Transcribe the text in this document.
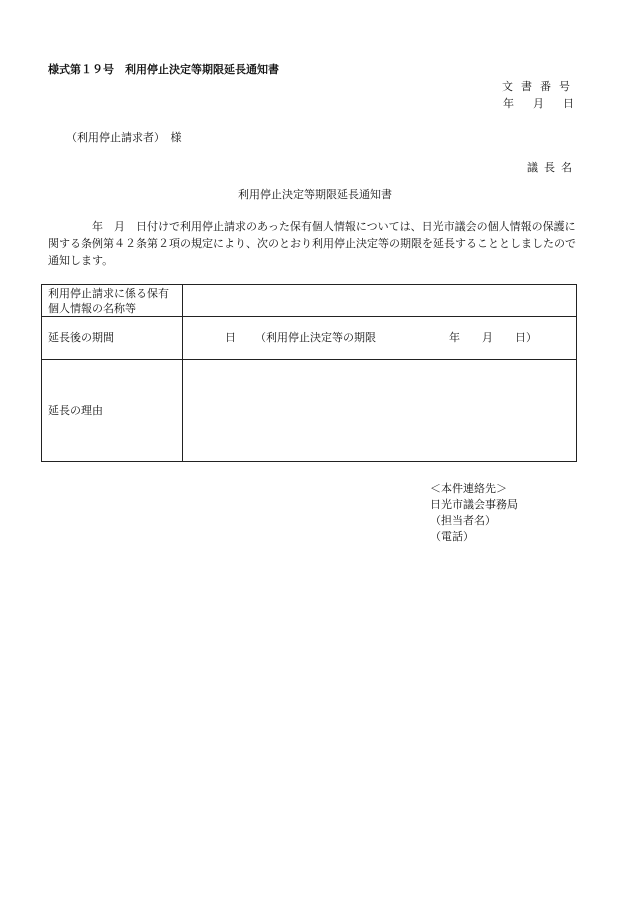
様式第１９号　利用停止決定等期限延長通知書
文書番号
年　月　日
（利用停止請求者）　様
議長名
利用停止決定等期限延長通知書
年　月　日付けで利用停止請求のあった保有個人情報については、日光市議会の個人情報の保護に関する条例第４２条第２項の規定により、次のとおり利用停止決定等の期限を延長することとしましたので通知します。
利用停止請求に係る保有個人情報の名称等	
延長後の期間	日 （利用停止決定等の期限 年　　月　　日）

延長の理由	
＜本件連絡先＞
日光市議会事務局
（担当者名）
（電話）
